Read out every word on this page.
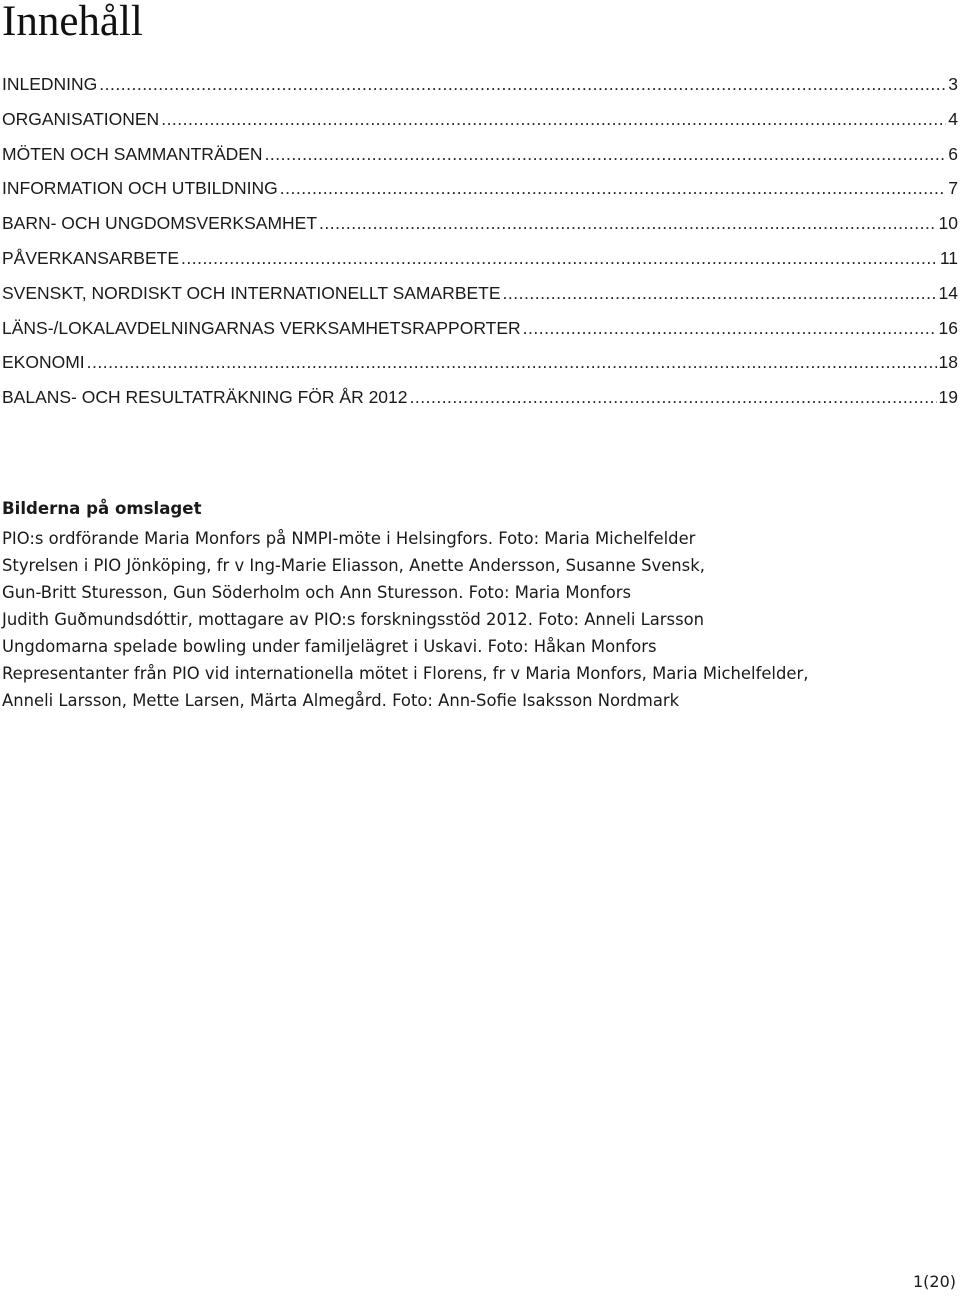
Innehåll
INLEDNING .....	3
ORGANISATIONEN .....	4
MÖTEN OCH SAMMANTRÄDEN .....	6
INFORMATION OCH UTBILDNING .....	7
BARN- OCH UNGDOMSVERKSAMHET .....	10
PÅVERKANSARBETE .....	11
SVENSKT, NORDISKT OCH INTERNATIONELLT SAMARBETE .....	14
LÄNS-/LOKALAVDELNINGARNAS VERKSAMHETSRAPPORTER .....	16
EKONOMI .....	18
BALANS- OCH RESULTATRÄKNING FÖR ÅR 2012 .....	19

Bilderna på omslaget

PIO:s ordförande Maria Monfors på NMPI-möte i Helsingfors. Foto: Maria Michelfelder

Styrelsen i PIO Jönköping, fr v Ing-Marie Eliasson, Anette Andersson, Susanne Svensk,

Gun-Britt Sturesson, Gun Söderholm och Ann Sturesson. Foto: Maria Monfors

Judith Guðmundsdóttir, mottagare av PIO:s forskningsstöd 2012. Foto: Anneli Larsson

Ungdomarna spelade bowling under familjelägret i Uskavi. Foto: Håkan Monfors

Representanter från PIO vid internationella mötet i Florens, fr v Maria Monfors, Maria Michelfelder,

Anneli Larsson, Mette Larsen, Märta Almegård. Foto: Ann-Sofie Isaksson Nordmark

1(20)
